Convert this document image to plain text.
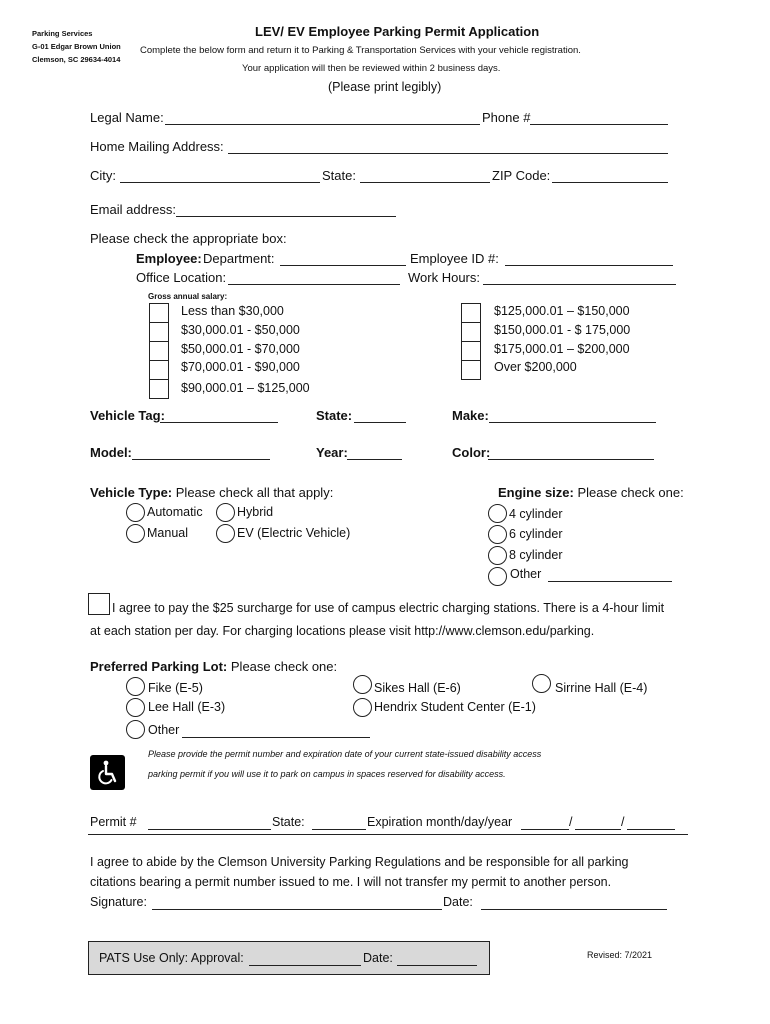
Parking Services
G-01 Edgar Brown Union
Clemson, SC 29634-4014
LEV/ EV Employee Parking Permit Application
Complete the below form and return it to Parking & Transportation Services with your vehicle registration.
Your application will then be reviewed within 2 business days.
(Please print legibly)
Legal Name:	Phone #
Home Mailing Address:
City:	State:	ZIP Code:
Email address:
Please check the appropriate box:
Employee: Department:	Employee ID #:
Office Location:	Work Hours:
Gross annual salary:
Less than $30,000
$30,000.01 - $50,000
$50,000.01 - $70,000
$70,000.01 - $90,000
$90,000.01 – $125,000
$125,000.01 – $150,000
$150,000.01 - $ 175,000
$175,000.01 – $200,000
Over $200,000
Vehicle Tag:	State:	Make:
Model:	Year:	Color:
Vehicle Type: Please check all that apply:
Automatic	Hybrid
Manual	EV (Electric Vehicle)
Engine size: Please check one:
4 cylinder
6 cylinder
8 cylinder
Other
I agree to pay the $25 surcharge for use of campus electric charging stations. There is a 4-hour limit
at each station per day. For charging locations please visit http://www.clemson.edu/parking.
Preferred Parking Lot: Please check one:
Fike (E-5)	Sikes Hall (E-6)	Sirrine Hall (E-4)
Lee Hall (E-3)	Hendrix Student Center (E-1)
Other
Please provide the permit number and expiration date of your current state-issued disability access
parking permit if you will use it to park on campus in spaces reserved for disability access.
Permit #	State:	Expiration month/day/year	/	/
I agree to abide by the Clemson University Parking Regulations and be responsible for all parking
citations bearing a permit number issued to me. I will not transfer my permit to another person.
Signature:	Date:
PATS Use Only: Approval:	Date:	Revised: 7/2021
